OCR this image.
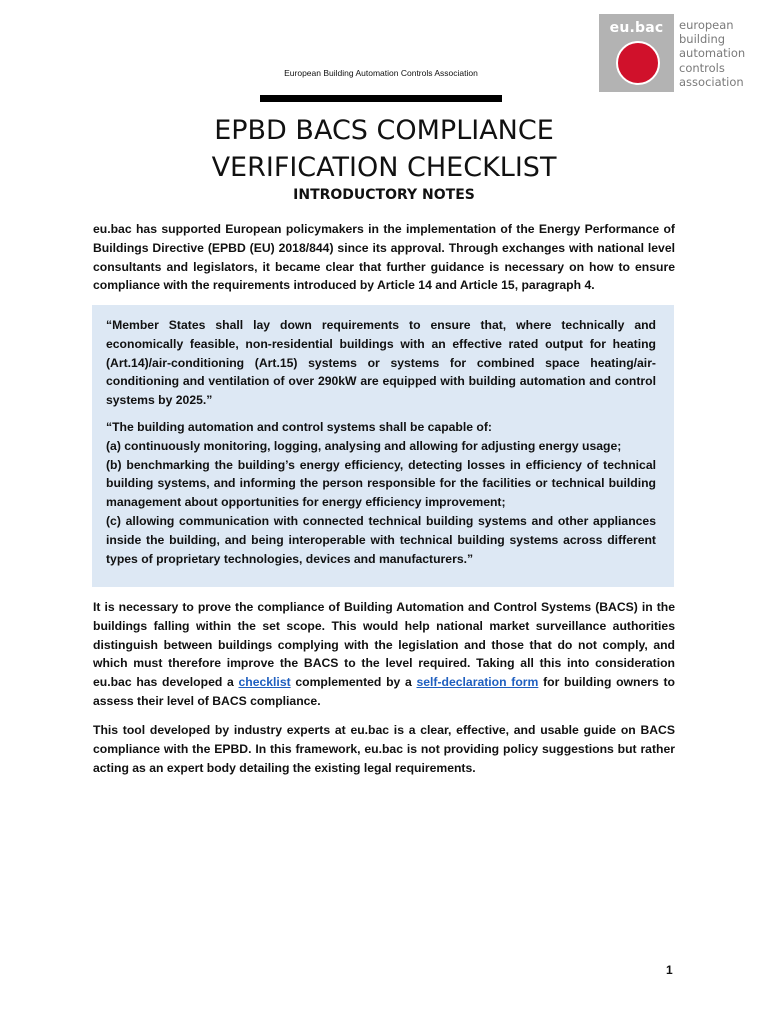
eu.bac	european
building
automation
controls
association
European Building Automation Controls Association
EPBD BACS COMPLIANCE
VERIFICATION CHECKLIST
INTRODUCTORY NOTES

eu.bac has supported European policymakers in the implementation of the Energy Performance of Buildings Directive (EPBD (EU) 2018/844) since its approval. Through exchanges with national level consultants and legislators, it became clear that further guidance is necessary on how to ensure compliance with the requirements introduced by Article 14 and Article 15, paragraph 4.

“Member States shall lay down requirements to ensure that, where technically and economically feasible, non-residential buildings with an effective rated output for heating (Art.14)/air-conditioning (Art.15) systems or systems for combined space heating/air-conditioning and ventilation of over 290kW are equipped with building automation and control systems by 2025.”

“The building automation and control systems shall be capable of:
(a) continuously monitoring, logging, analysing and allowing for adjusting energy usage;
(b) benchmarking the building’s energy efficiency, detecting losses in efficiency of technical building systems, and informing the person responsible for the facilities or technical building management about opportunities for energy efficiency improvement;
(c) allowing communication with connected technical building systems and other appliances inside the building, and being interoperable with technical building systems across different types of proprietary technologies, devices and manufacturers.”

It is necessary to prove the compliance of Building Automation and Control Systems (BACS) in the buildings falling within the set scope. This would help national market surveillance authorities distinguish between buildings complying with the legislation and those that do not comply, and which must therefore improve the BACS to the level required. Taking all this into consideration eu.bac has developed a checklist complemented by a self-declaration form for building owners to assess their level of BACS compliance.

This tool developed by industry experts at eu.bac is a clear, effective, and usable guide on BACS compliance with the EPBD. In this framework, eu.bac is not providing policy suggestions but rather acting as an expert body detailing the existing legal requirements.

1
